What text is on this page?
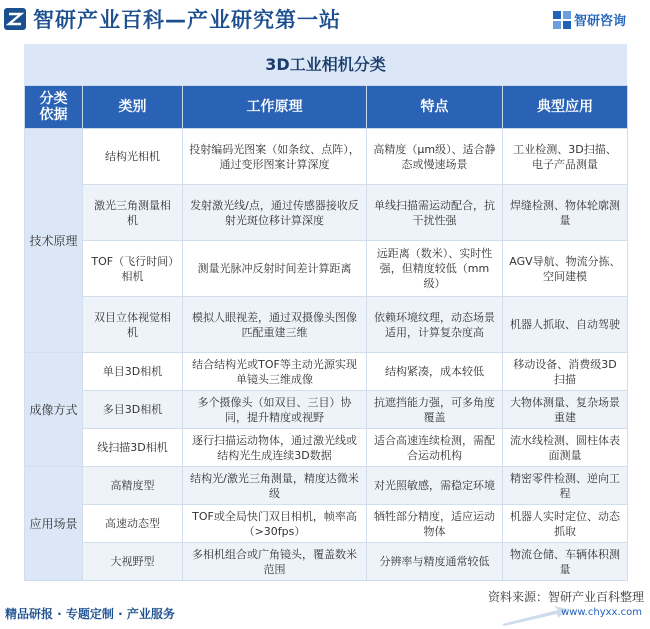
智研产业百科—产业研究第一站	智研咨询
3D工业相机分类
分类依据	类别	工作原理	特点	典型应用
技术原理	结构光相机	投射编码光图案（如条纹、点阵），通过变形图案计算深度	高精度（μm级）、适合静态或慢速场景	工业检测、3D扫描、电子产品测量
	激光三角测量相机	发射激光线/点，通过传感器接收反射光斑位移计算深度	单线扫描需运动配合，抗干扰性强	焊缝检测、物体轮廓测量
	TOF（飞行时间）相机	测量光脉冲反射时间差计算距离	远距离（数米）、实时性强，但精度较低（mm级）	AGV导航、物流分拣、空间建模
	双目立体视觉相机	模拟人眼视差，通过双摄像头图像匹配重建三维	依赖环境纹理，动态场景适用，计算复杂度高	机器人抓取、自动驾驶
成像方式	单目3D相机	结合结构光或TOF等主动光源实现单镜头三维成像	结构紧凑，成本较低	移动设备、消费级3D扫描
	多目3D相机	多个摄像头（如双目、三目）协同，提升精度或视野	抗遮挡能力强，可多角度覆盖	大物体测量、复杂场景重建
	线扫描3D相机	逐行扫描运动物体，通过激光线或结构光生成连续3D数据	适合高速连续检测，需配合运动机构	流水线检测、圆柱体表面测量
应用场景	高精度型	结构光/激光三角测量，精度达微米级	对光照敏感，需稳定环境	精密零件检测、逆向工程
	高速动态型	TOF或全局快门双目相机，帧率高（>30fps）	牺牲部分精度，适应运动物体	机器人实时定位、动态抓取
	大视野型	多相机组合或广角镜头，覆盖数米范围	分辨率与精度通常较低	物流仓储、车辆体积测量
精品研报 · 专题定制 · 产业服务
资料来源：智研产业百科整理
www.chyxx.com
